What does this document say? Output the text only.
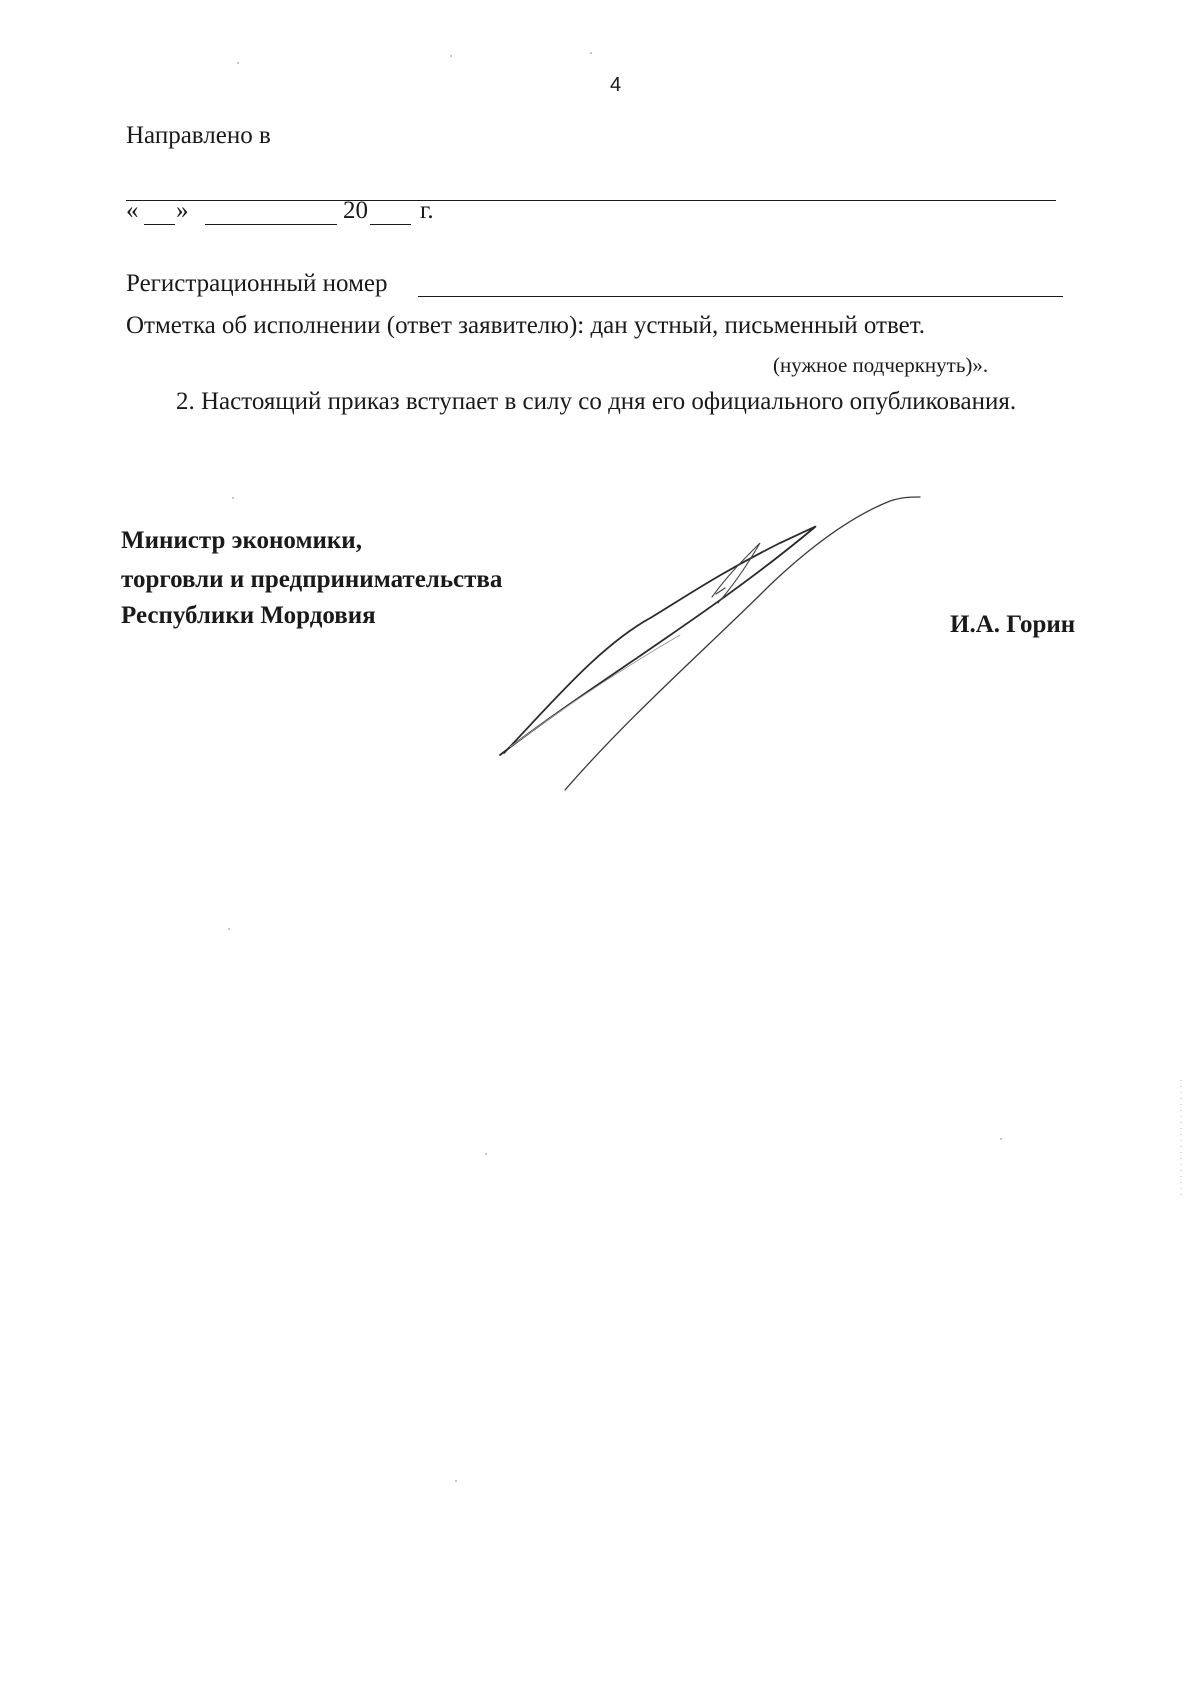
4
Направлено в
« »	20 г.
Регистрационный номер
Отметка об исполнении (ответ заявителю): дан устный, письменный ответ.
(нужное подчеркнуть)».
2. Настоящий приказ вступает в силу со дня его официального опубликования.
Министр экономики,
торговли и предпринимательства
Республики Мордовия	И.А. Горин
